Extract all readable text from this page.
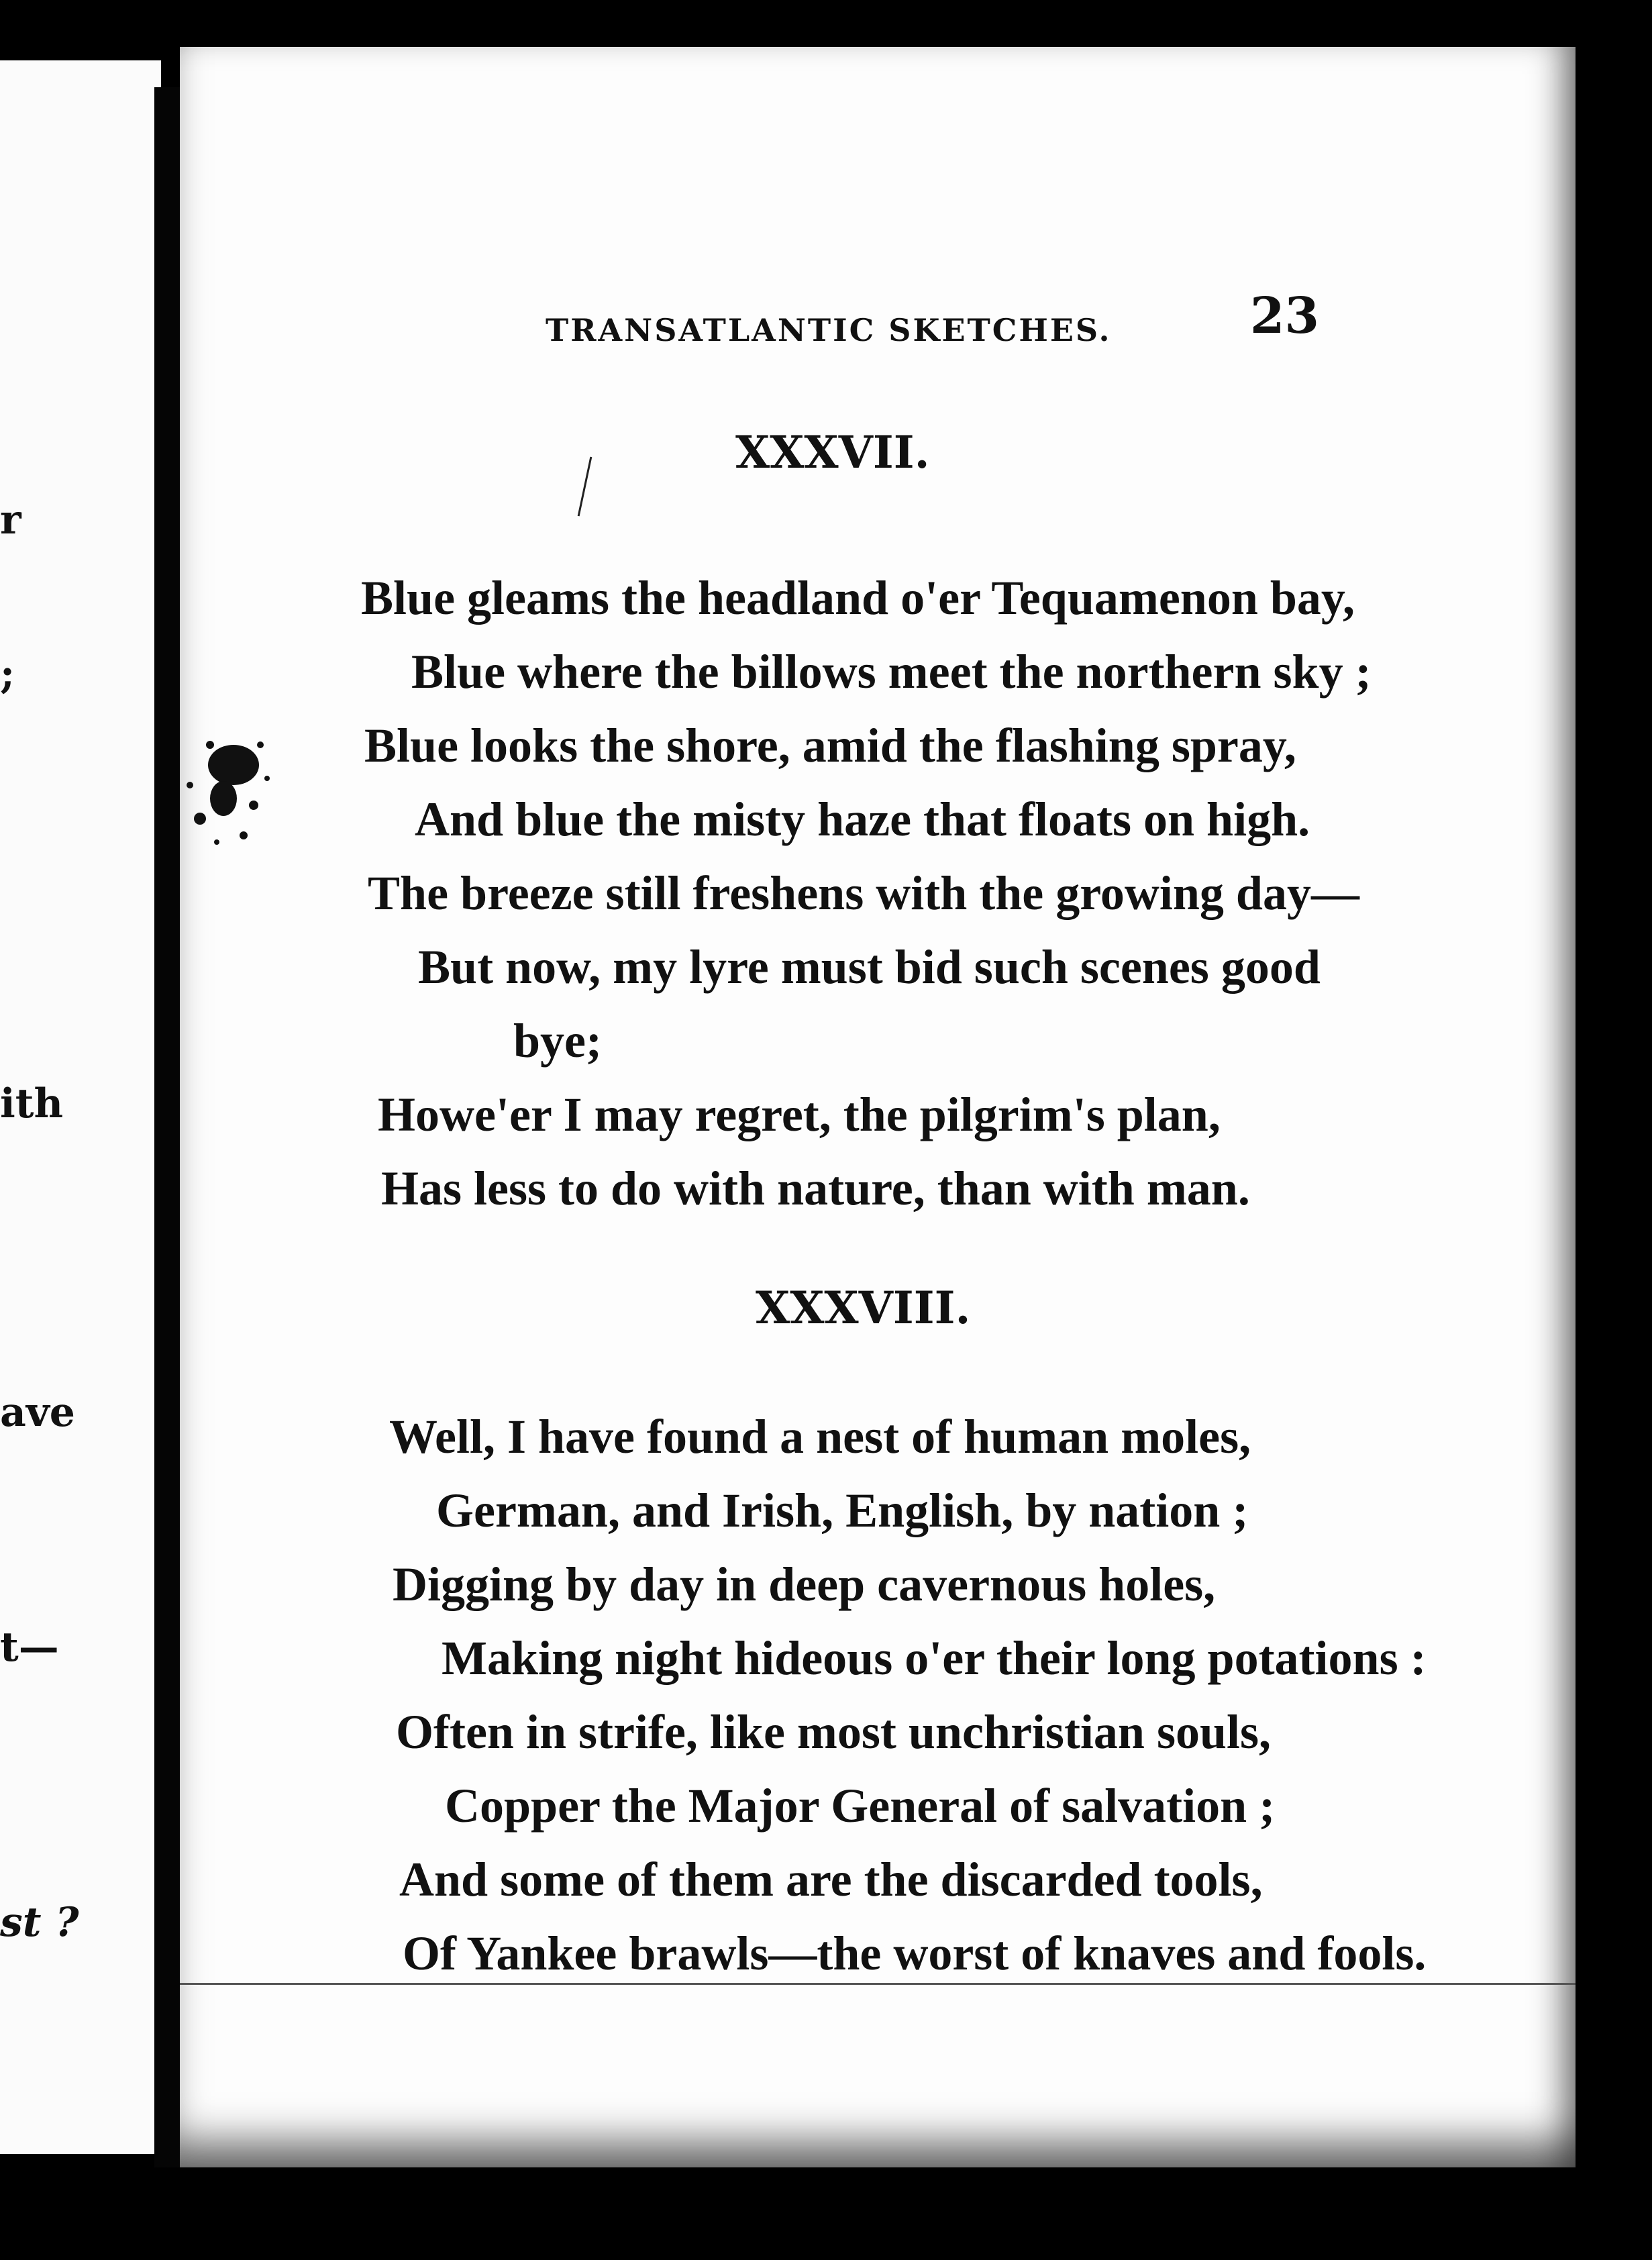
r
;
ith
ave
t—
st ?
TRANSATLANTIC SKETCHES.	23
XXXVII.
Blue gleams the headland o'er Tequamenon bay,
Blue where the billows meet the northern sky ;
Blue looks the shore, amid the flashing spray,
And blue the misty haze that floats on high.
The breeze still freshens with the growing day—
But now, my lyre must bid such scenes good
bye;
Howe'er I may regret, the pilgrim's plan,
Has less to do with nature, than with man.
XXXVIII.
Well, I have found a nest of human moles,
German, and Irish, English, by nation ;
Digging by day in deep cavernous holes,
Making night hideous o'er their long potations :
Often in strife, like most unchristian souls,
Copper the Major General of salvation ;
And some of them are the discarded tools,
Of Yankee brawls—the worst of knaves and fools.
